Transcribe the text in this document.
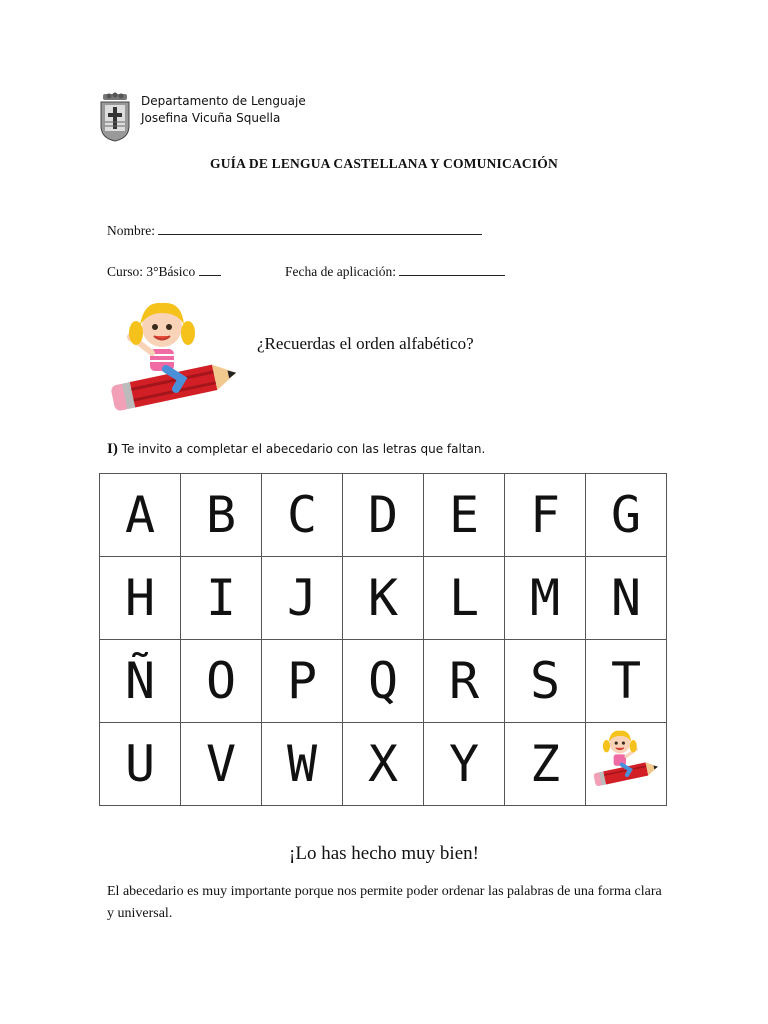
Departamento de Lenguaje
Josefina Vicuña Squella
GUÍA DE LENGUA CASTELLANA Y COMUNICACIÓN
Nombre:
Curso: 3°Básico	Fecha de aplicación:
¿Recuerdas el orden alfabético?
I) Te invito a completar el abecedario con las letras que faltan.
A	B	C	D	E	F	G
H	I	J	K	L	M	N
Ñ	O	P	Q	R	S	T
U	V	W	X	Y	Z	
¡Lo has hecho muy bien!
El abecedario es muy importante porque nos permite poder ordenar las palabras de una forma clara y universal.
